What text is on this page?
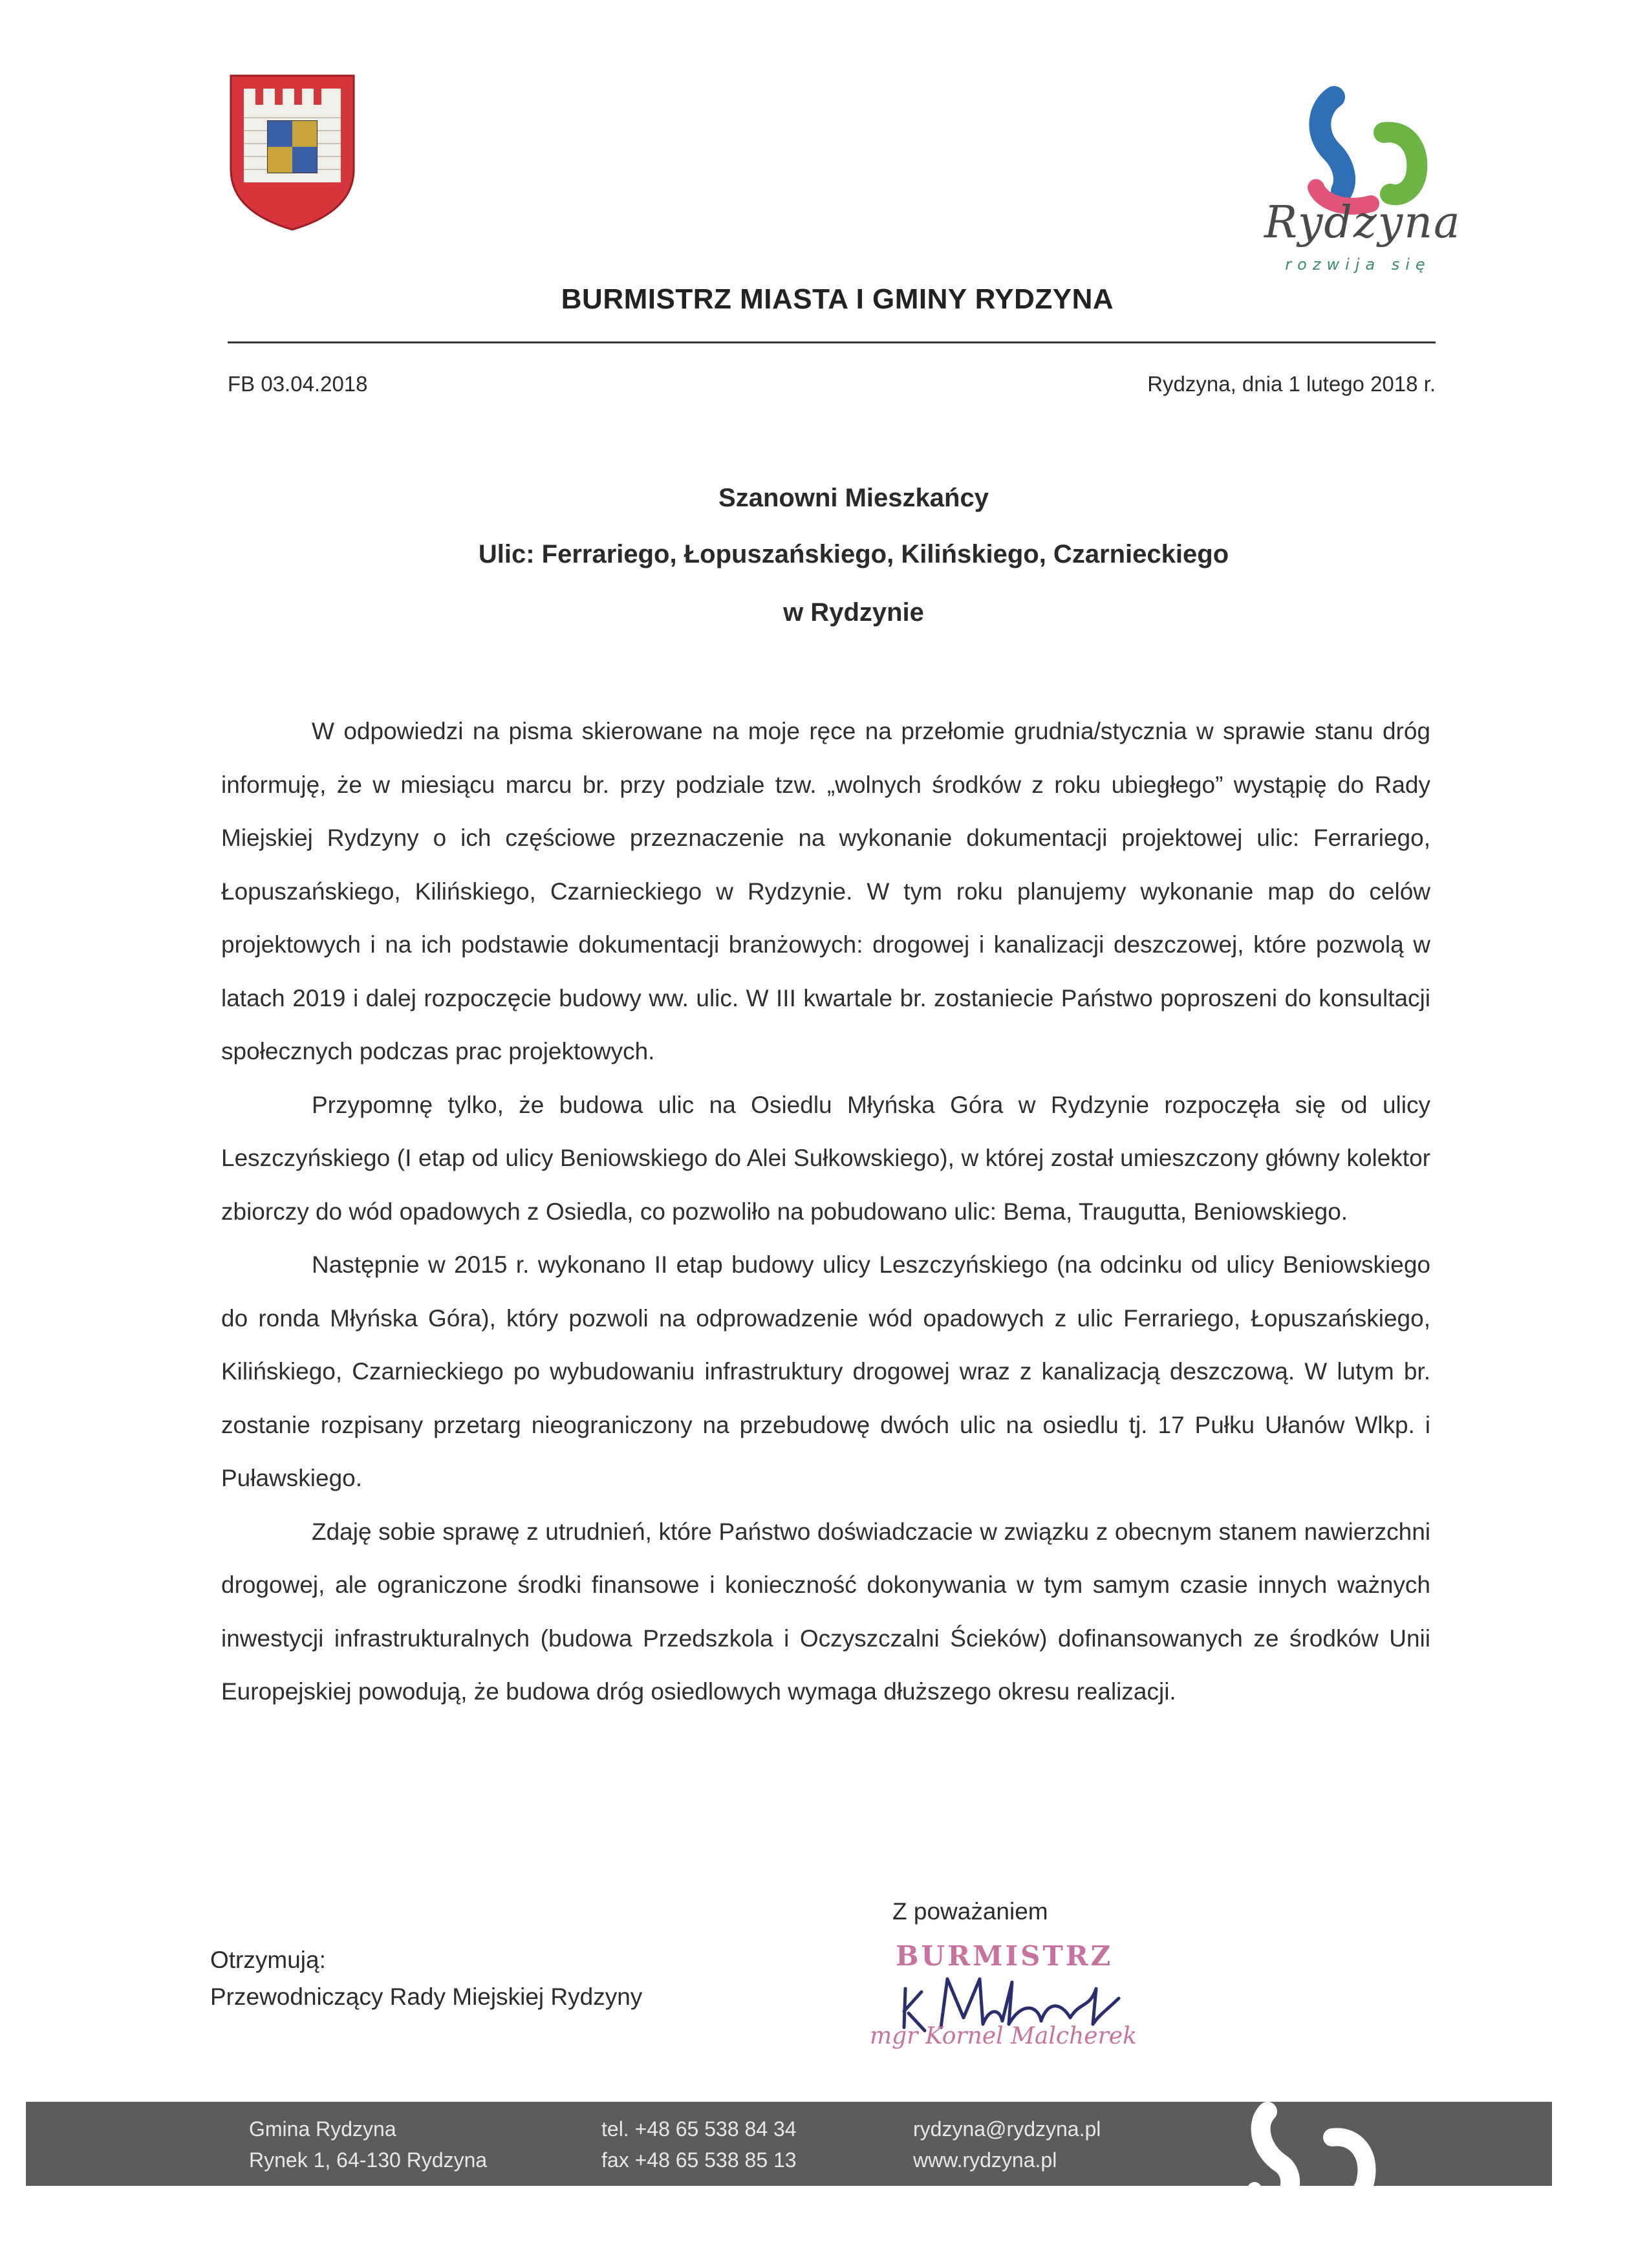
Rydzyna
rozwija się
BURMISTRZ MIASTA I GMINY RYDZYNA
FB 03.04.2018	Rydzyna, dnia 1 lutego 2018 r.
Szanowni Mieszkańcy
Ulic: Ferrariego, Łopuszańskiego, Kilińskiego, Czarnieckiego
w Rydzynie

W odpowiedzi na pisma skierowane na moje ręce na przełomie grudnia/stycznia w sprawie stanu dróg informuję, że w miesiącu marcu br. przy podziale tzw. „wolnych środków z roku ubiegłego” wystąpię do Rady Miejskiej Rydzyny o ich częściowe przeznaczenie na wykonanie dokumentacji projektowej ulic: Ferrariego, Łopuszańskiego, Kilińskiego, Czarnieckiego w Rydzynie. W tym roku planujemy wykonanie map do celów projektowych i na ich podstawie dokumentacji branżowych: drogowej i kanalizacji deszczowej, które pozwolą w latach 2019 i dalej rozpoczęcie budowy ww. ulic. W III kwartale br. zostaniecie Państwo poproszeni do konsultacji społecznych podczas prac projektowych.

Przypomnę tylko, że budowa ulic na Osiedlu Młyńska Góra w Rydzynie rozpoczęła się od ulicy Leszczyńskiego (I etap od ulicy Beniowskiego do Alei Sułkowskiego), w której został umieszczony główny kolektor zbiorczy do wód opadowych z Osiedla, co pozwoliło na pobudowano ulic: Bema, Traugutta, Beniowskiego.

Następnie w 2015 r. wykonano II etap budowy ulicy Leszczyńskiego (na odcinku od ulicy Beniowskiego do ronda Młyńska Góra), który pozwoli na odprowadzenie wód opadowych z ulic Ferrariego, Łopuszańskiego, Kilińskiego, Czarnieckiego po wybudowaniu infrastruktury drogowej wraz z kanalizacją deszczową. W lutym br. zostanie rozpisany przetarg nieograniczony na przebudowę dwóch ulic na osiedlu tj. 17 Pułku Ułanów Wlkp. i Puławskiego.

Zdaję sobie sprawę z utrudnień, które Państwo doświadczacie w związku z obecnym stanem nawierzchni drogowej, ale ograniczone środki finansowe i konieczność dokonywania w tym samym czasie innych ważnych inwestycji infrastrukturalnych (budowa Przedszkola i Oczyszczalni Ścieków) dofinansowanych ze środków Unii Europejskiej powodują, że budowa dróg osiedlowych wymaga dłuższego okresu realizacji.

Z poważaniem
Otrzymują:
Przewodniczący Rady Miejskiej Rydzyny
BURMISTRZ
mgr Kornel Malcherek
Gmina Rydzyna
Rynek 1, 64-130 Rydzyna
tel. +48 65 538 84 34
fax +48 65 538 85 13
rydzyna@rydzyna.pl
www.rydzyna.pl
